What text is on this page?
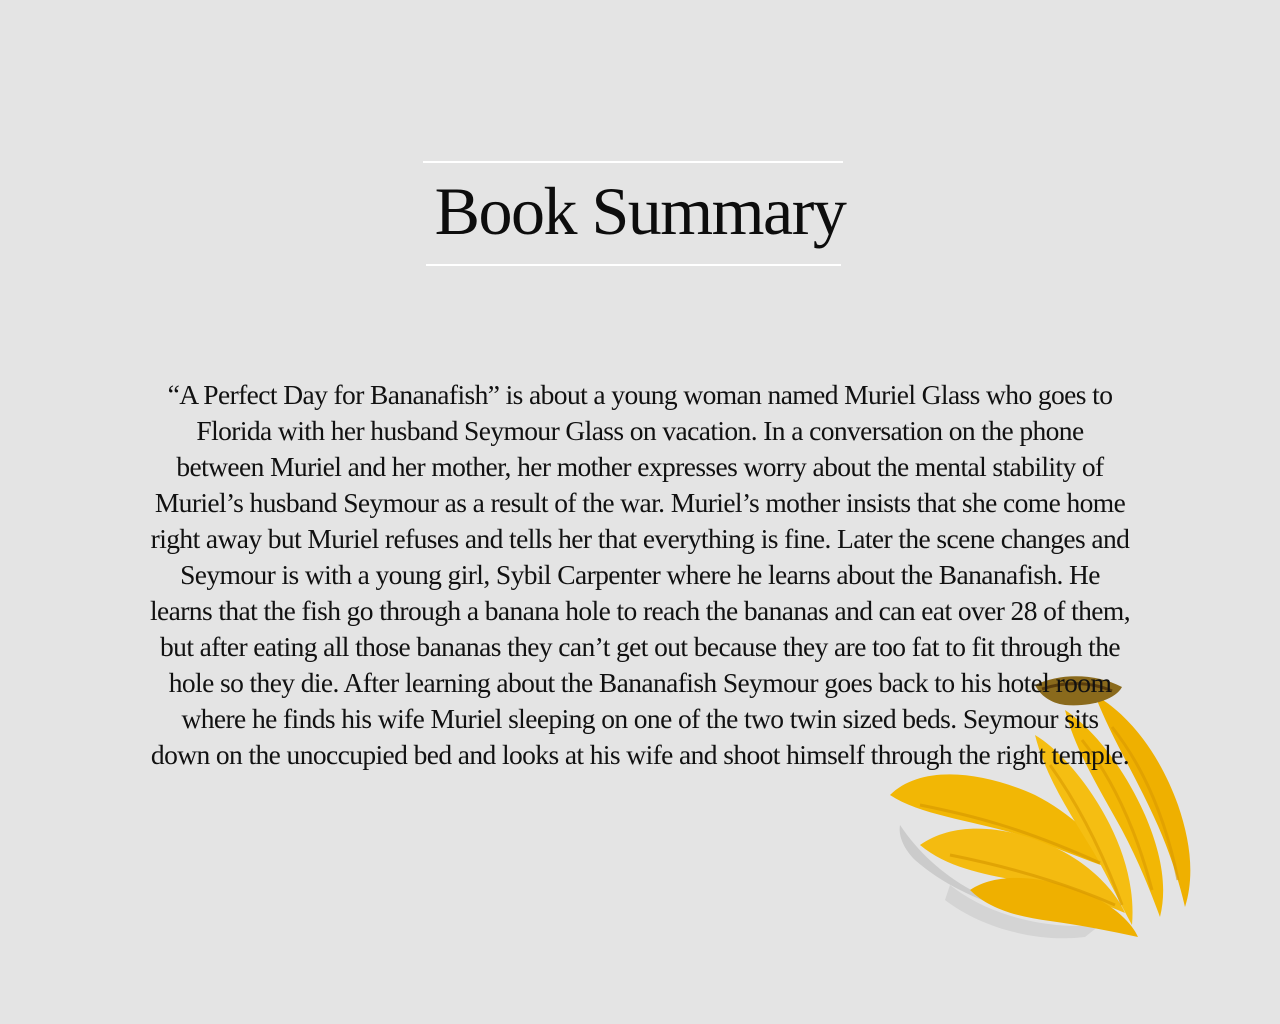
Book Summary

“A Perfect Day for Bananafish” is about a young woman named Muriel Glass who goes to Florida with her husband Seymour Glass on vacation. In a conversation on the phone between Muriel and her mother, her mother expresses worry about the mental stability of Muriel’s husband Seymour as a result of the war. Muriel’s mother insists that she come home right away but Muriel refuses and tells her that everything is fine. Later the scene changes and Seymour is with a young girl, Sybil Carpenter where he learns about the Bananafish. He learns that the fish go through a banana hole to reach the bananas and can eat over 28 of them, but after eating all those bananas they can’t get out because they are too fat to fit through the hole so they die. After learning about the Bananafish Seymour goes back to his hotel room where he finds his wife Muriel sleeping on one of the two twin sized beds. Seymour sits down on the unoccupied bed and looks at his wife and shoot himself through the right temple.
